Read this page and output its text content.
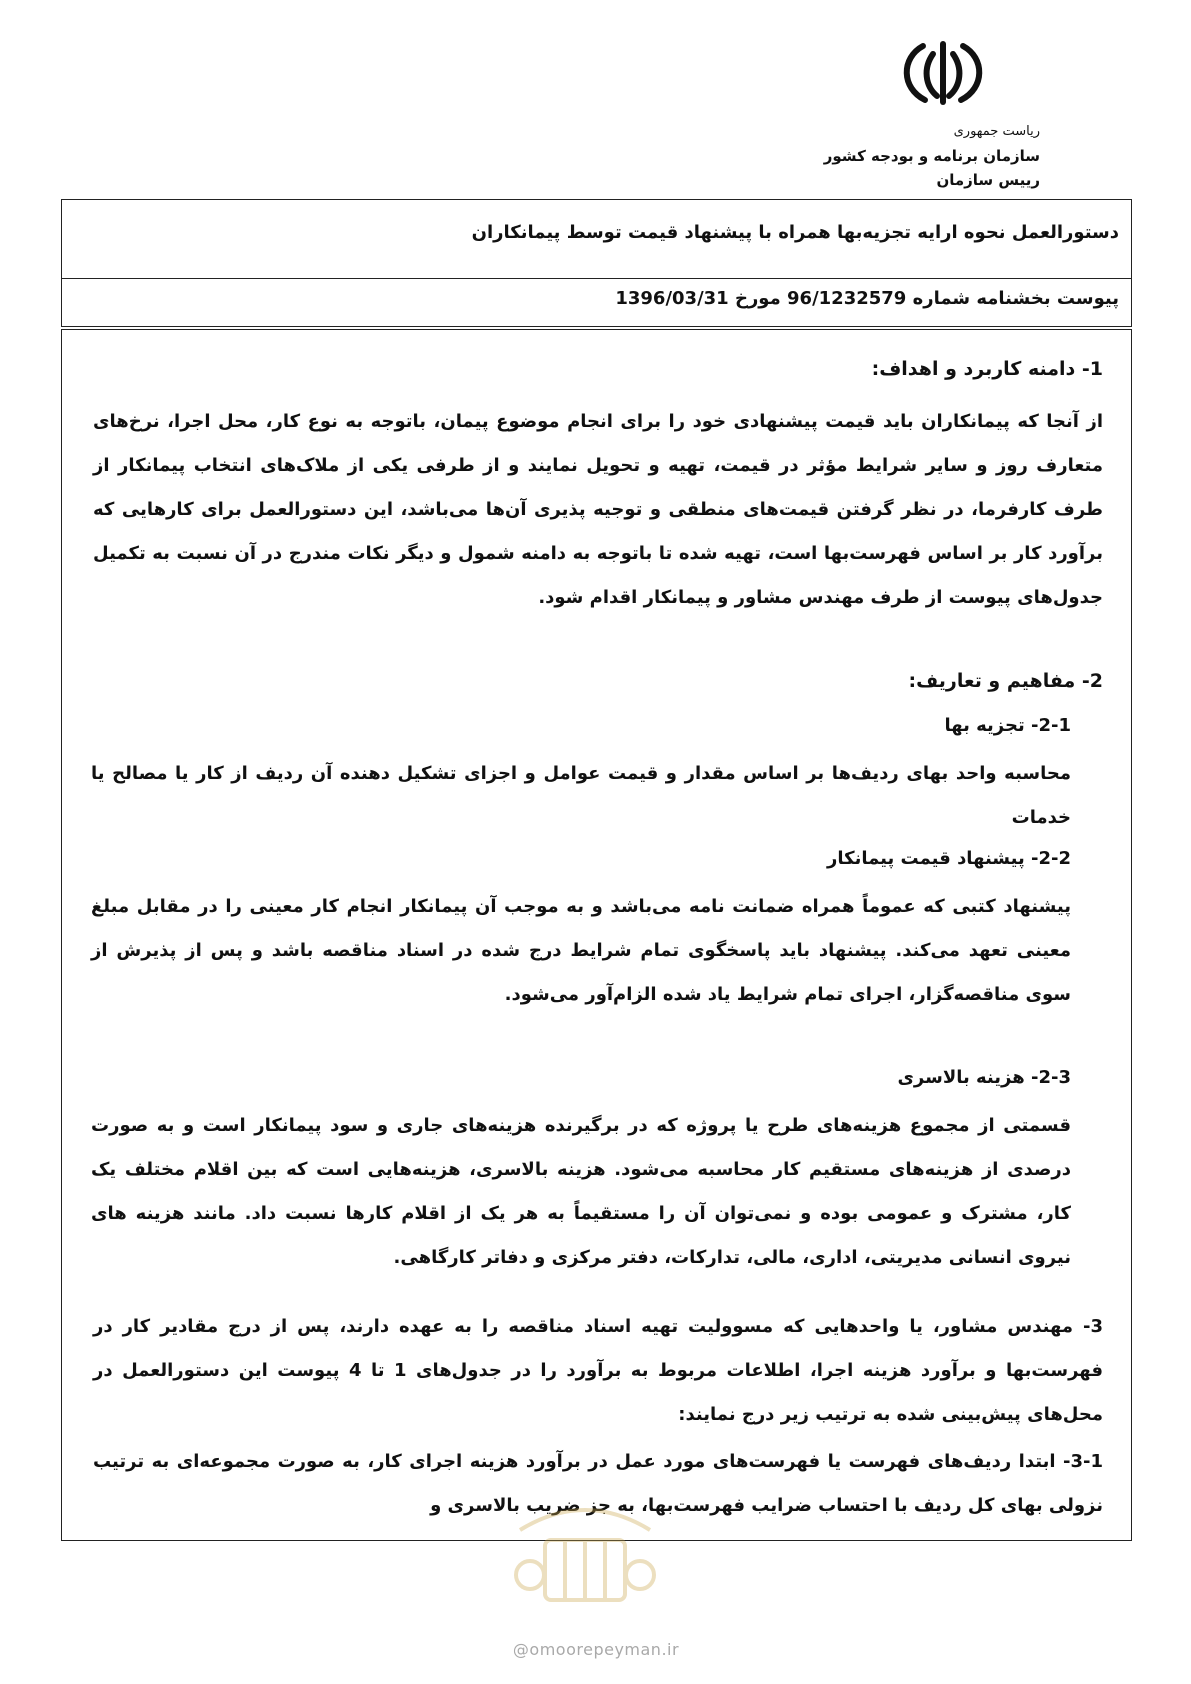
ریاست جمهوری
سازمان برنامه و بودجه کشور
رییس سازمان
دستورالعمل نحوه ارایه تجزیه‌بها همراه با پیشنهاد قیمت توسط پیمانکاران
پیوست بخشنامه شماره 96/1232579 مورخ 1396/03/31
1- دامنه کاربرد و اهداف:
از آنجا که پیمانکاران باید قیمت پیشنهادی خود را برای انجام موضوع پیمان، باتوجه به نوع کار، محل اجرا، نرخ‌های متعارف روز و سایر شرایط مؤثر در قیمت، تهیه و تحویل نمایند و از طرفی یکی از ملاک‌های انتخاب پیمانکار از طرف کارفرما، در نظر گرفتن قیمت‌های منطقی و توجیه پذیری آن‌ها می‌باشد، این دستورالعمل برای کارهایی که برآورد کار بر اساس فهرست‌بها است، تهیه شده تا باتوجه به دامنه شمول و دیگر نکات مندرج در آن نسبت به تکمیل جدول‌های پیوست از طرف مهندس مشاور و پیمانکار اقدام شود.
2- مفاهیم و تعاریف:
2-1- تجزیه بها
محاسبه واحد بهای ردیف‌ها بر اساس مقدار و قیمت عوامل و اجزای تشکیل دهنده آن ردیف از کار یا مصالح یا خدمات
2-2- پیشنهاد قیمت پیمانکار
پیشنهاد کتبی که عموماً همراه ضمانت نامه می‌باشد و به موجب آن پیمانکار انجام کار معینی را در مقابل مبلغ معینی تعهد می‌کند. پیشنهاد باید پاسخگوی تمام شرایط درج شده در اسناد مناقصه باشد و پس از پذیرش از سوی مناقصه‌گزار، اجرای تمام شرایط یاد شده الزام‌آور می‌شود.
2-3- هزینه بالاسری
قسمتی از مجموع هزینه‌های طرح یا پروژه که در برگیرنده هزینه‌های جاری و سود پیمانکار است و به صورت درصدی از هزینه‌های مستقیم کار محاسبه می‌شود. هزینه بالاسری، هزینه‌هایی است که بین اقلام مختلف یک کار، مشترک و عمومی بوده و نمی‌توان آن را مستقیماً به هر یک از اقلام کارها نسبت داد. مانند هزینه های نیروی انسانی مدیریتی، اداری، مالی، تدارکات، دفتر مرکزی و دفاتر کارگاهی.
3- مهندس مشاور، یا واحدهایی که مسوولیت تهیه اسناد مناقصه را به عهده دارند، پس از درج مقادیر کار در فهرست‌بها و برآورد هزینه اجرا، اطلاعات مربوط به برآورد را در جدول‌های 1 تا 4 پیوست این دستورالعمل در محل‌های پیش‌بینی شده به ترتیب زیر درج نمایند:
3-1- ابتدا ردیف‌های فهرست یا فهرست‌های مورد عمل در برآورد هزینه اجرای کار، به صورت مجموعه‌ای به ترتیب نزولی بهای کل ردیف با احتساب ضرایب فهرست‌بها، به جز ضریب بالاسری و
@omoorepeyman.ir
